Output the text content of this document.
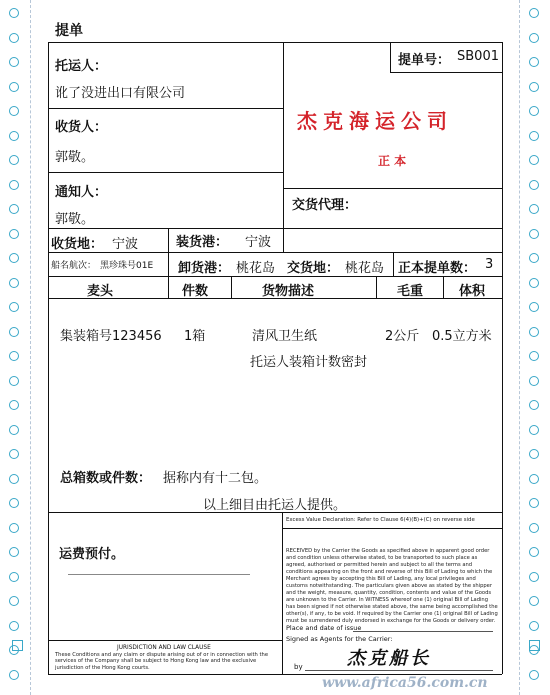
提单
提单号： SB001
杰克海运公司
正 本
托运人：
讹了没进出口有限公司
收货人：
郭敬。
通知人：
郭敬。
交货代理：
收货地： 宁波	装货港： 宁波
船名航次： 黑珍珠号01E 卸货港： 桃花岛 交货地： 桃花岛 正本提单数： 3
麦头	件数	货物描述	毛重	体积
集装箱号123456 1箱	清风卫生纸	2公斤 0.5立方米
托运人装箱计数密封
总箱数或件数： 据称内有十二包。
以上细目由托运人提供。
Excess Value Declaration: Refer to Clause 6(4)(B)+(C) on reverse side
运费预付。	RECEIVED by the Carrier the Goods as specified above in apparent good order and condition unless otherwise stated, to be transported to such place as agreed, authorised or permitted herein and subject to all the terms and conditions appearing on the front and reverse of this Bill of Lading to which the Merchant agrees by accepting this Bill of Lading, any local privileges and customs notwithstanding. The particulars given above as stated by the shipper and the weight, measure, quantity, condition, contents and value of the Goods are unknown to the Carrier. In WITNESS whereof one (1) original Bill of Lading has been signed if not otherwise stated above, the same being accomplished the other(s), if any, to be void. If required by the Carrier one (1) original Bill of Lading must be surrendered duly endorsed in exchange for the Goods or delivery order.
Place and date of issue
Signed as Agents for the Carrier:
杰克船长
by
JURISDICTION AND LAW CLAUSE
These Conditions and any claim or dispute arising out of or in connection with the services of the Company shall be subject to Hong Kong law and the exclusive jurisdiction of the Hong Kong courts.
www.africa56.com.cn
